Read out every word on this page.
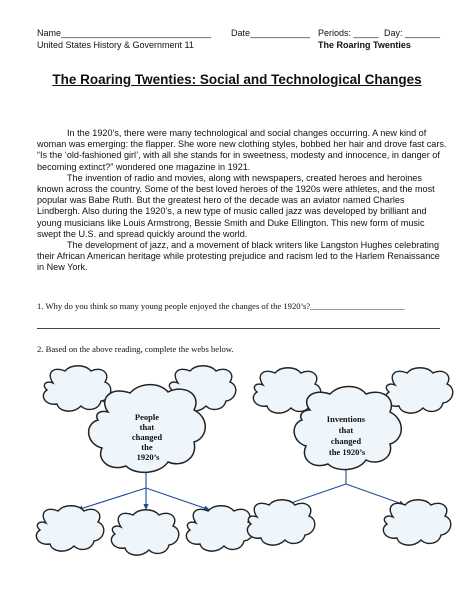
Name______________________________ Date____________ Periods: _____ Day: _______
United States History & Government 11	The Roaring Twenties
The Roaring Twenties: Social and Technological Changes

In the 1920’s, there were many technological and social changes occurring. A new kind of woman was emerging: the flapper. She wore new clothing styles, bobbed her hair and drove fast cars. “Is the ‘old-fashioned girl’, with all she stands for in sweetness, modesty and innocence, in danger of becoming extinct?” wondered one magazine in 1921.

The invention of radio and movies, along with newspapers, created heroes and heroines known across the country. Some of the best loved heroes of the 1920s were athletes, and the most popular was Babe Ruth. But the greatest hero of the decade was an aviator named Charles Lindbergh. Also during the 1920’s, a new type of music called jazz was developed by brilliant and young musicians like Louis Armstrong, Bessie Smith and Duke Ellington. This new form of music swept the U.S. and spread quickly around the world.

The development of jazz, and a movement of black writers like Langston Hughes celebrating their African American heritage while protesting prejudice and racism led to the Harlem Renaissance in New York.

1. Why do you think so many young people enjoyed the changes of the 1920’s?______________________
2. Based on the above reading, complete the webs below.
People that changed the 1920’s
Inventions that changed the 1920’s
